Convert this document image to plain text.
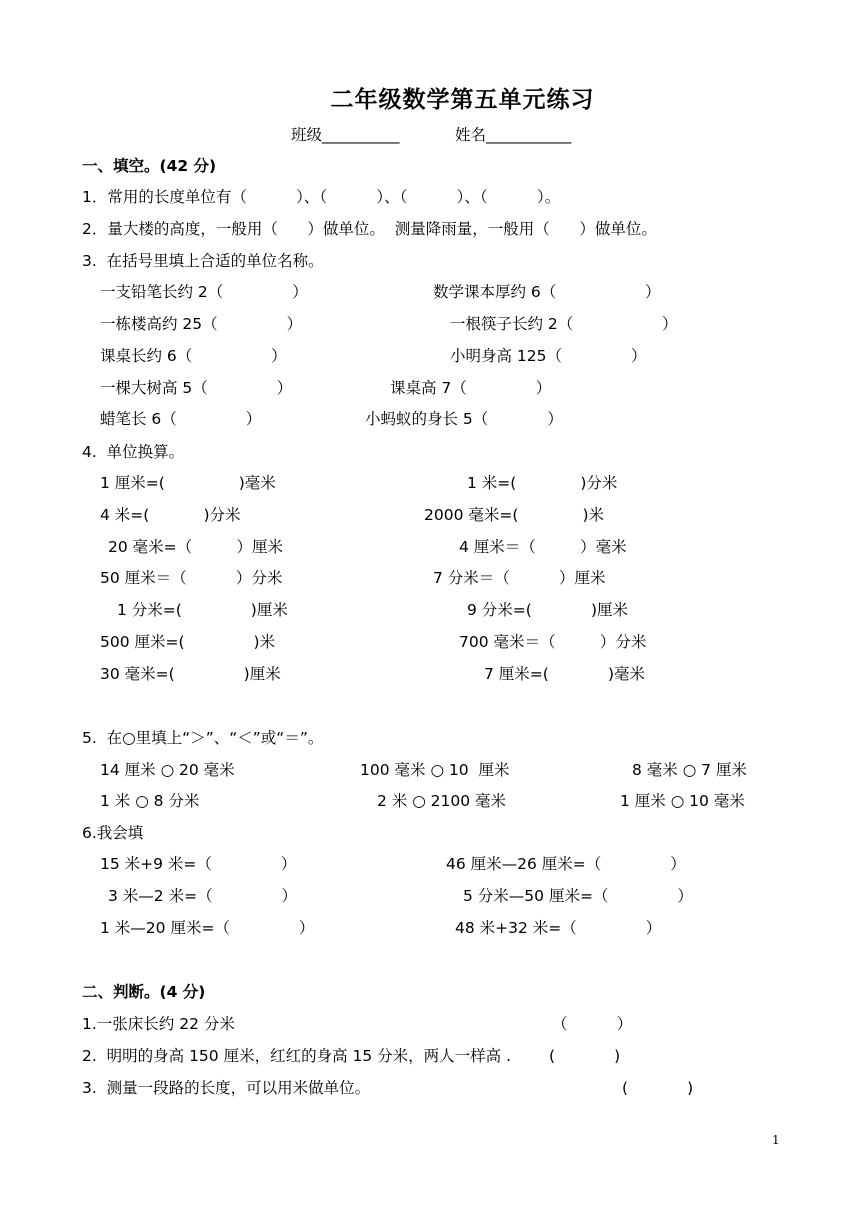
二年级数学第五单元练习
班级__________	姓名___________
一、填空。(42 分)
1．常用的长度单位有（          ）、（          ）、（          ）、（          ）。
2．量大楼的高度，一般用（      ）做单位。  测量降雨量，一般用（      ）做单位。
3.  在括号里填上合适的单位名称。
一支铅笔长约 2（              ）	数学课本厚约 6（                  ）
一栋楼高约 25（              ）	一根筷子长约 2（                  ）
课桌长约 6（                ）	小明身高 125（              ）
一棵大树高 5（              ）	课桌高 7（              ）
蜡笔长 6（              ）	小蚂蚁的身长 5（            ）
4.  单位换算。
1 厘米=(               )毫米	1 米=(             )分米
4 米=(           )分米	2000 毫米=(             )米
20 毫米=（         ）厘米	4 厘米＝（         ）毫米
50 厘米＝（          ）分米	7 分米＝（          ）厘米
1 分米=(              )厘米	9 分米=(            )厘米
500 厘米=(              )米	700 毫米＝（         ）分米
30 毫米=(              )厘米	7 厘米=(            )毫米
5.  在○里填上“＞”、“＜”或“＝”。
14 厘米 ○ 20 毫米	100 毫米 ○ 10  厘米	8 毫米 ○ 7 厘米
1 米 ○ 8 分米	2 米 ○ 2100 毫米	1 厘米 ○ 10 毫米
6.我会填
15 米+9 米=（              ）	46 厘米—26 厘米=（              ）
3 米—2 米=（              ）	5 分米—50 厘米=（              ）
1 米—20 厘米=（              ）	48 米+32 米=（              ）
二、判断。(4 分)
1.一张床长约 22 分米	（          ）
2.  明明的身高 150 厘米，红红的身高 15 分米，两人一样高 . (            )
3.  测量一段路的长度，可以用米做单位。	(            )
1
